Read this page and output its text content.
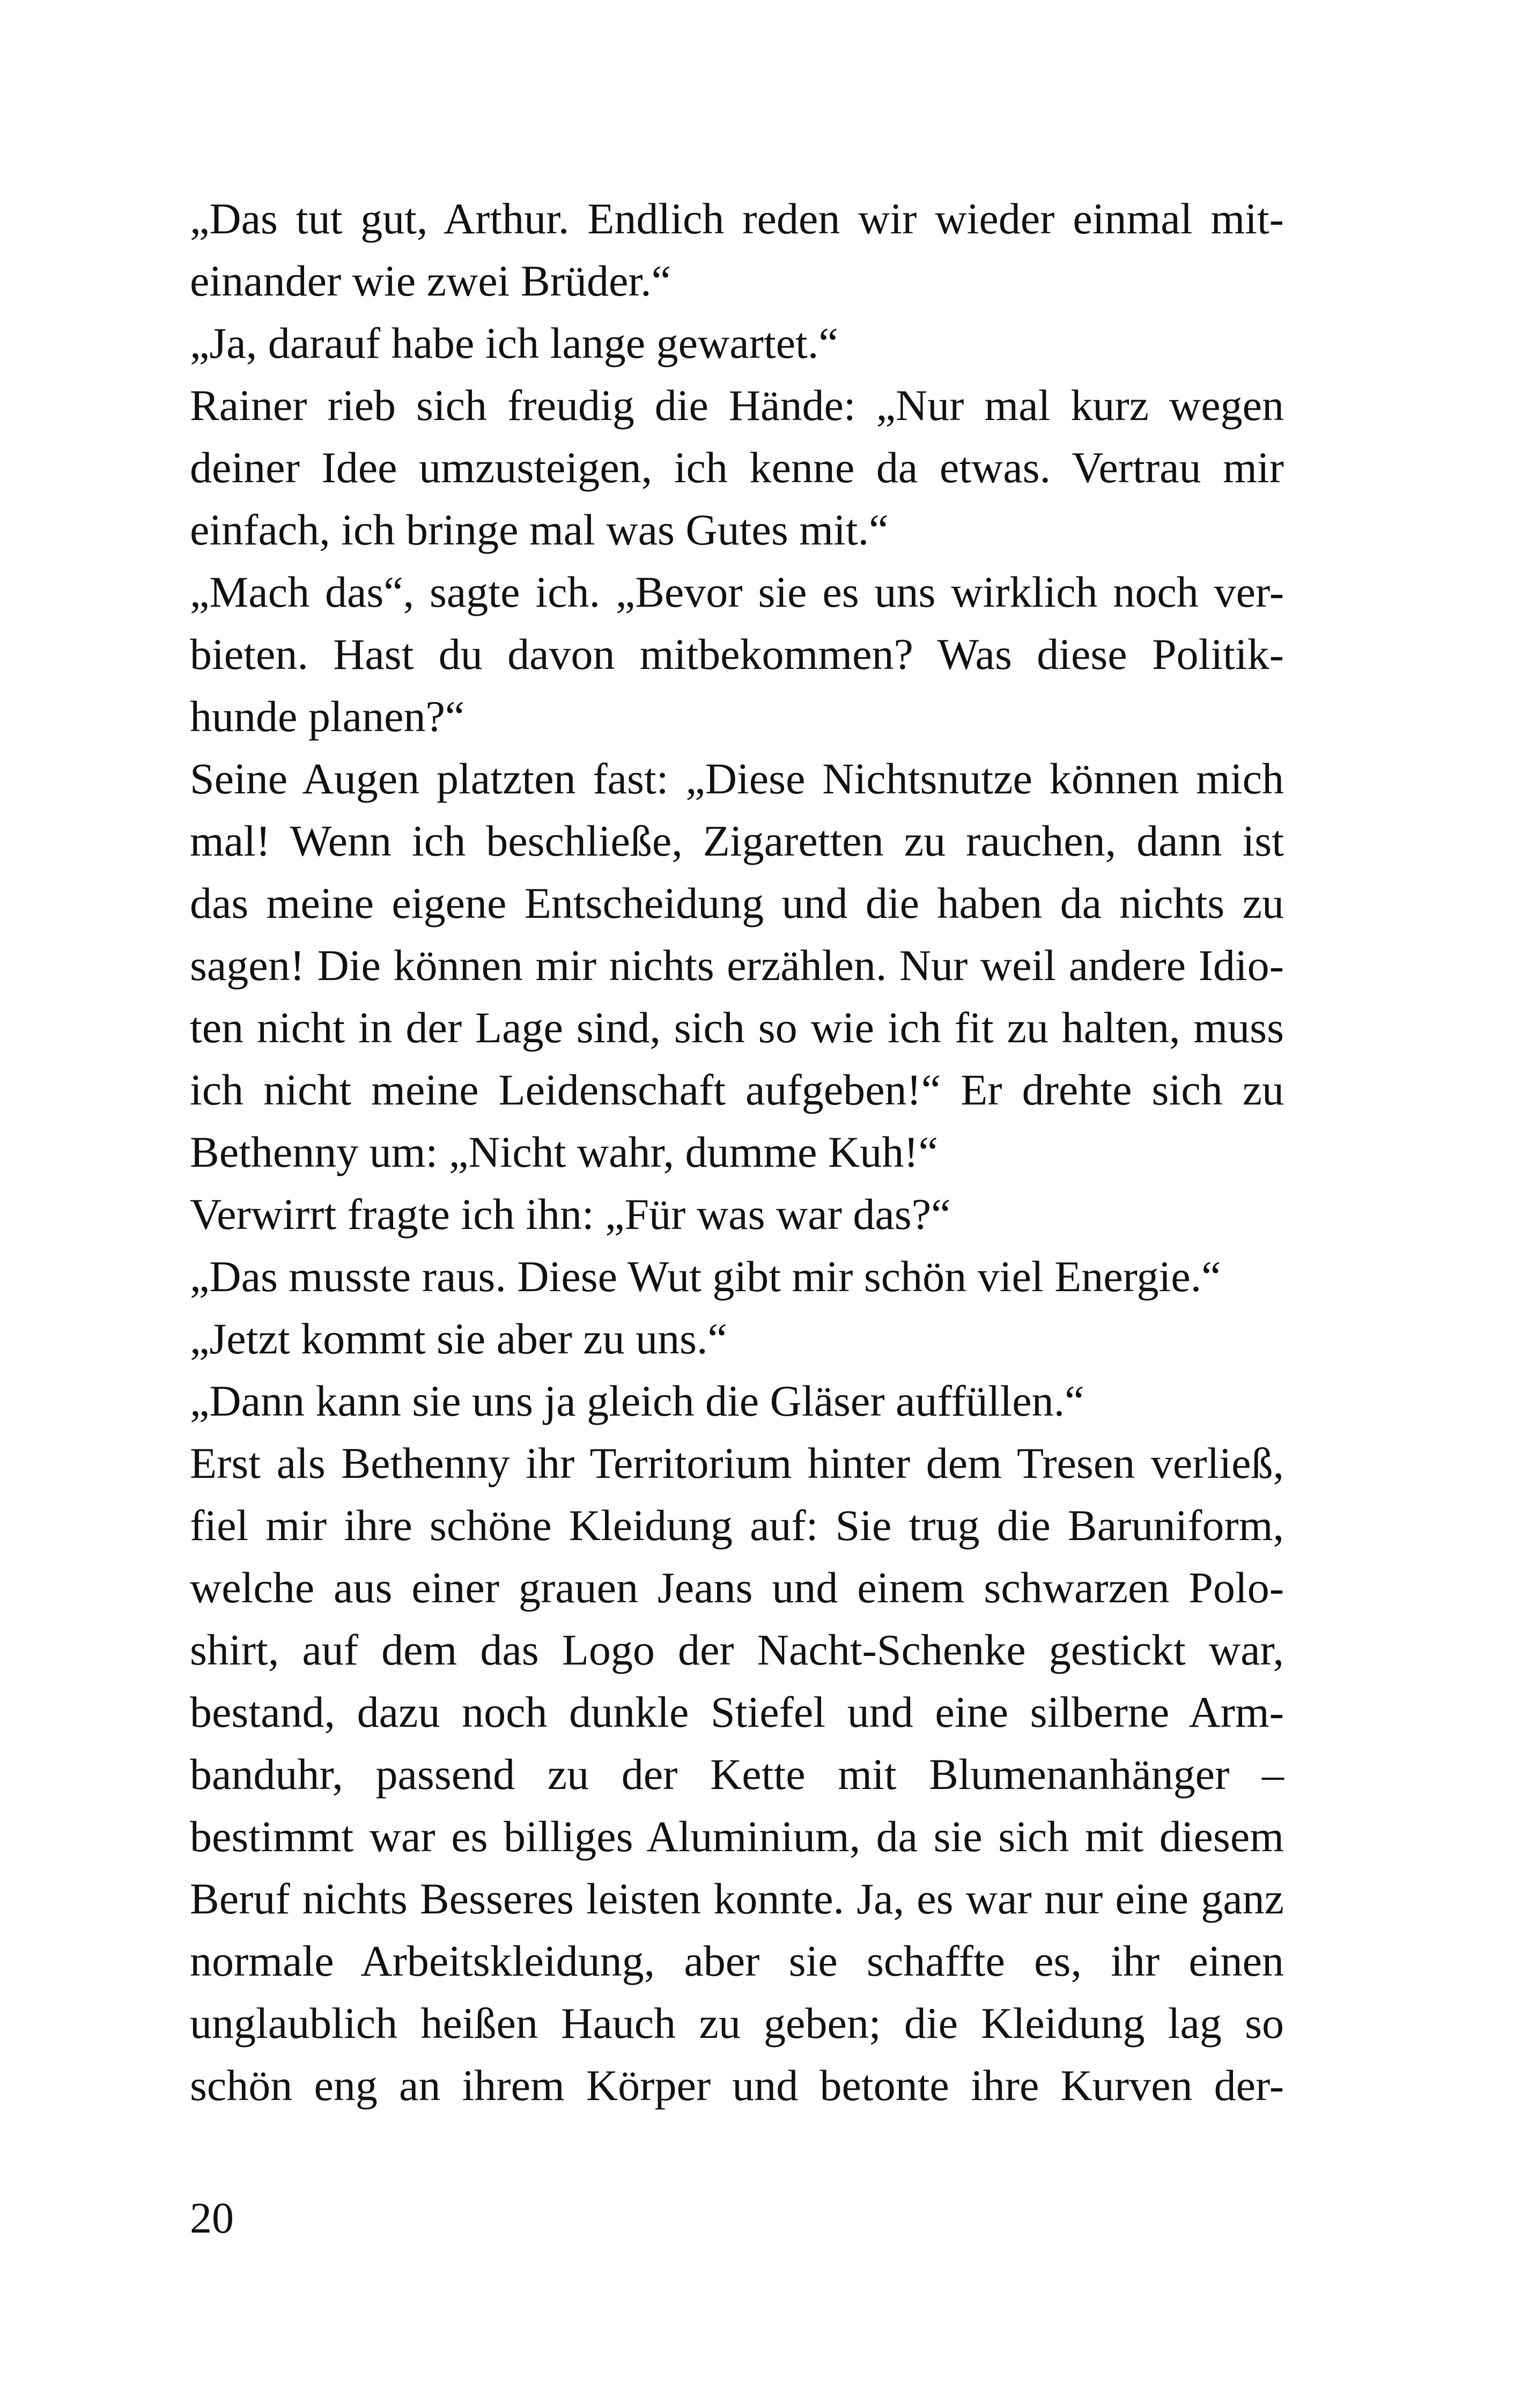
„Das tut gut, Arthur. Endlich reden wir wieder einmal mit-
einander wie zwei Brüder.“
„Ja, darauf habe ich lange gewartet.“
Rainer rieb sich freudig die Hände: „Nur mal kurz wegen
deiner Idee umzusteigen, ich kenne da etwas. Vertrau mir
einfach, ich bringe mal was Gutes mit.“
„Mach das“, sagte ich. „Bevor sie es uns wirklich noch ver-
bieten. Hast du davon mitbekommen? Was diese Politik-
hunde planen?“
Seine Augen platzten fast: „Diese Nichtsnutze können mich
mal! Wenn ich beschließe, Zigaretten zu rauchen, dann ist
das meine eigene Entscheidung und die haben da nichts zu
sagen! Die können mir nichts erzählen. Nur weil andere Idio-
ten nicht in der Lage sind, sich so wie ich fit zu halten, muss
ich nicht meine Leidenschaft aufgeben!“ Er drehte sich zu
Bethenny um: „Nicht wahr, dumme Kuh!“
Verwirrt fragte ich ihn: „Für was war das?“
„Das musste raus. Diese Wut gibt mir schön viel Energie.“
„Jetzt kommt sie aber zu uns.“
„Dann kann sie uns ja gleich die Gläser auffüllen.“
Erst als Bethenny ihr Territorium hinter dem Tresen verließ,
fiel mir ihre schöne Kleidung auf: Sie trug die Baruniform,
welche aus einer grauen Jeans und einem schwarzen Polo-
shirt, auf dem das Logo der Nacht-Schenke gestickt war,
bestand, dazu noch dunkle Stiefel und eine silberne Arm-
banduhr, passend zu der Kette mit Blumenanhänger –
bestimmt war es billiges Aluminium, da sie sich mit diesem
Beruf nichts Besseres leisten konnte. Ja, es war nur eine ganz
normale Arbeitskleidung, aber sie schaffte es, ihr einen
unglaublich heißen Hauch zu geben; die Kleidung lag so
schön eng an ihrem Körper und betonte ihre Kurven der-
20
